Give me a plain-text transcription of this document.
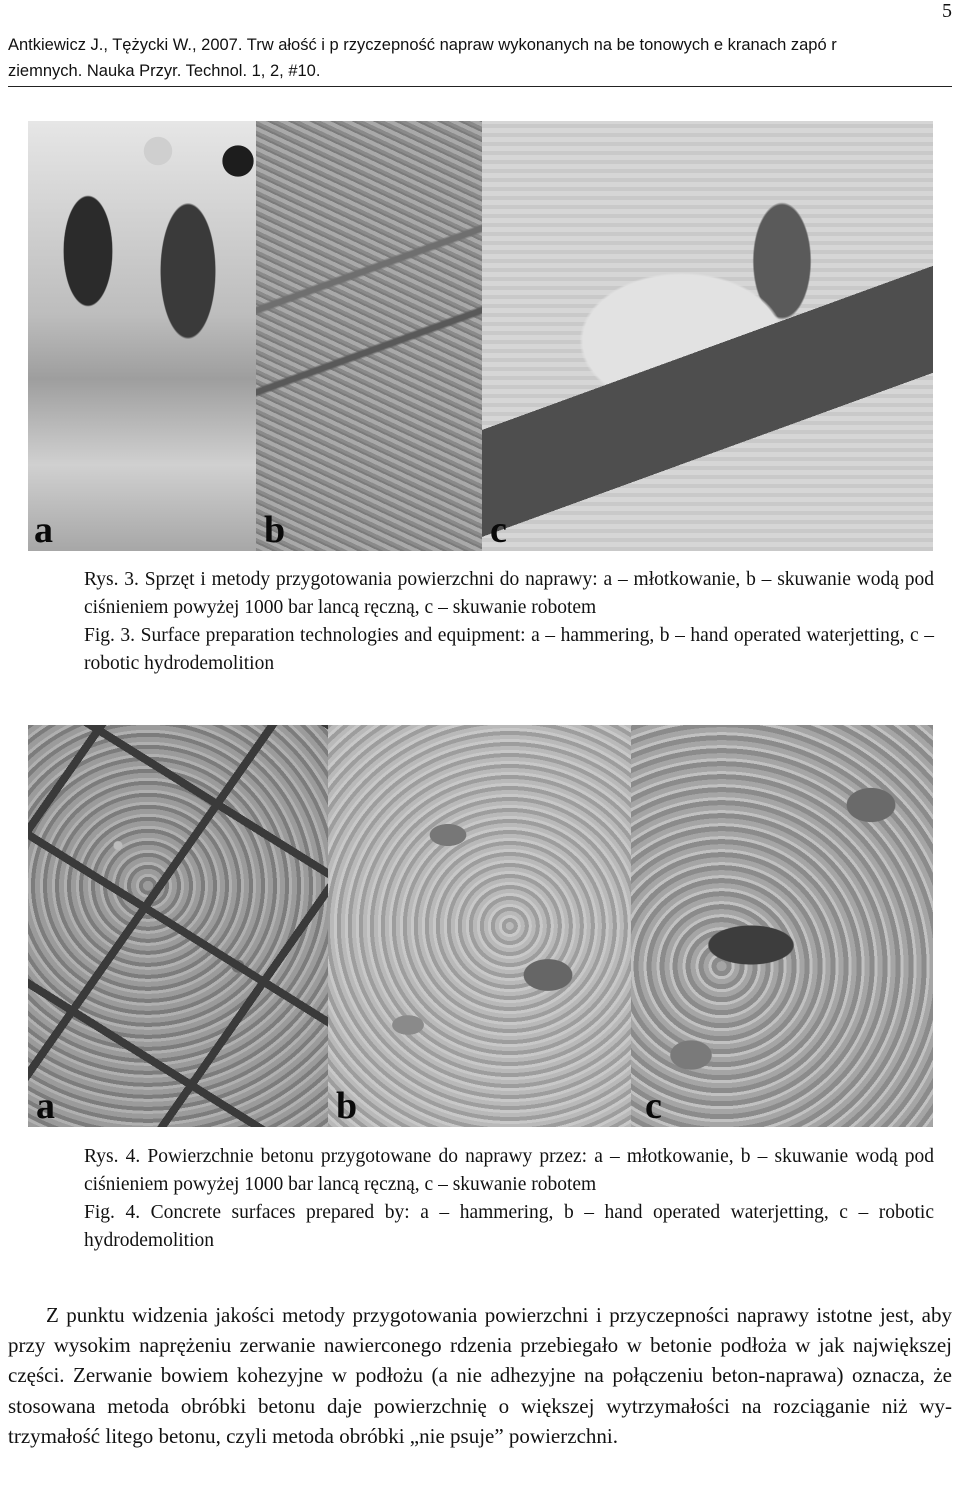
5
Antkiewicz J., Tężycki W., 2007. Trw ałość i p rzyczepność napraw wykonanych na be tonowych e kranach zapó r
ziemnych. Nauka Przyr. Technol. 1, 2, #10.
a	b	c

Rys. 3. Sprzęt i metody przygotowania powierzchni do naprawy: a – młotkowanie, b – skuwanie wodą pod ciśnieniem powyżej 1000 bar lancą ręczną, c – skuwanie robotem

Fig. 3. Surface preparation technologies and equipment: a – hammering, b – hand operated waterjetting, c – robotic hydrodemolition

a	b	c

Rys. 4. Powierzchnie betonu przygotowane do naprawy przez: a – młotkowanie, b – skuwanie wodą pod ciśnieniem powyżej 1000 bar lancą ręczną, c – skuwanie robotem

Fig. 4. Concrete surfaces prepared by: a – hammering, b – hand operated waterjetting, c – robotic hydrodemolition

Z punktu widzenia jakości metody przygotowania powierzchni i przyczepności naprawy istotne jest, aby przy wysokim naprężeniu zerwanie nawierconego rdzenia przebiegało w betonie podłoża w jak największej części. Zerwanie bowiem kohezyjne w podłożu (a nie adhezyjne na połączeniu beton-naprawa) oznacza, że stosowana metoda obróbki betonu daje powierzchnię o większej wytrzymałości na rozciąganie niż wytrzymałość litego betonu, czyli metoda obróbki „nie psuje” powierzchni.
